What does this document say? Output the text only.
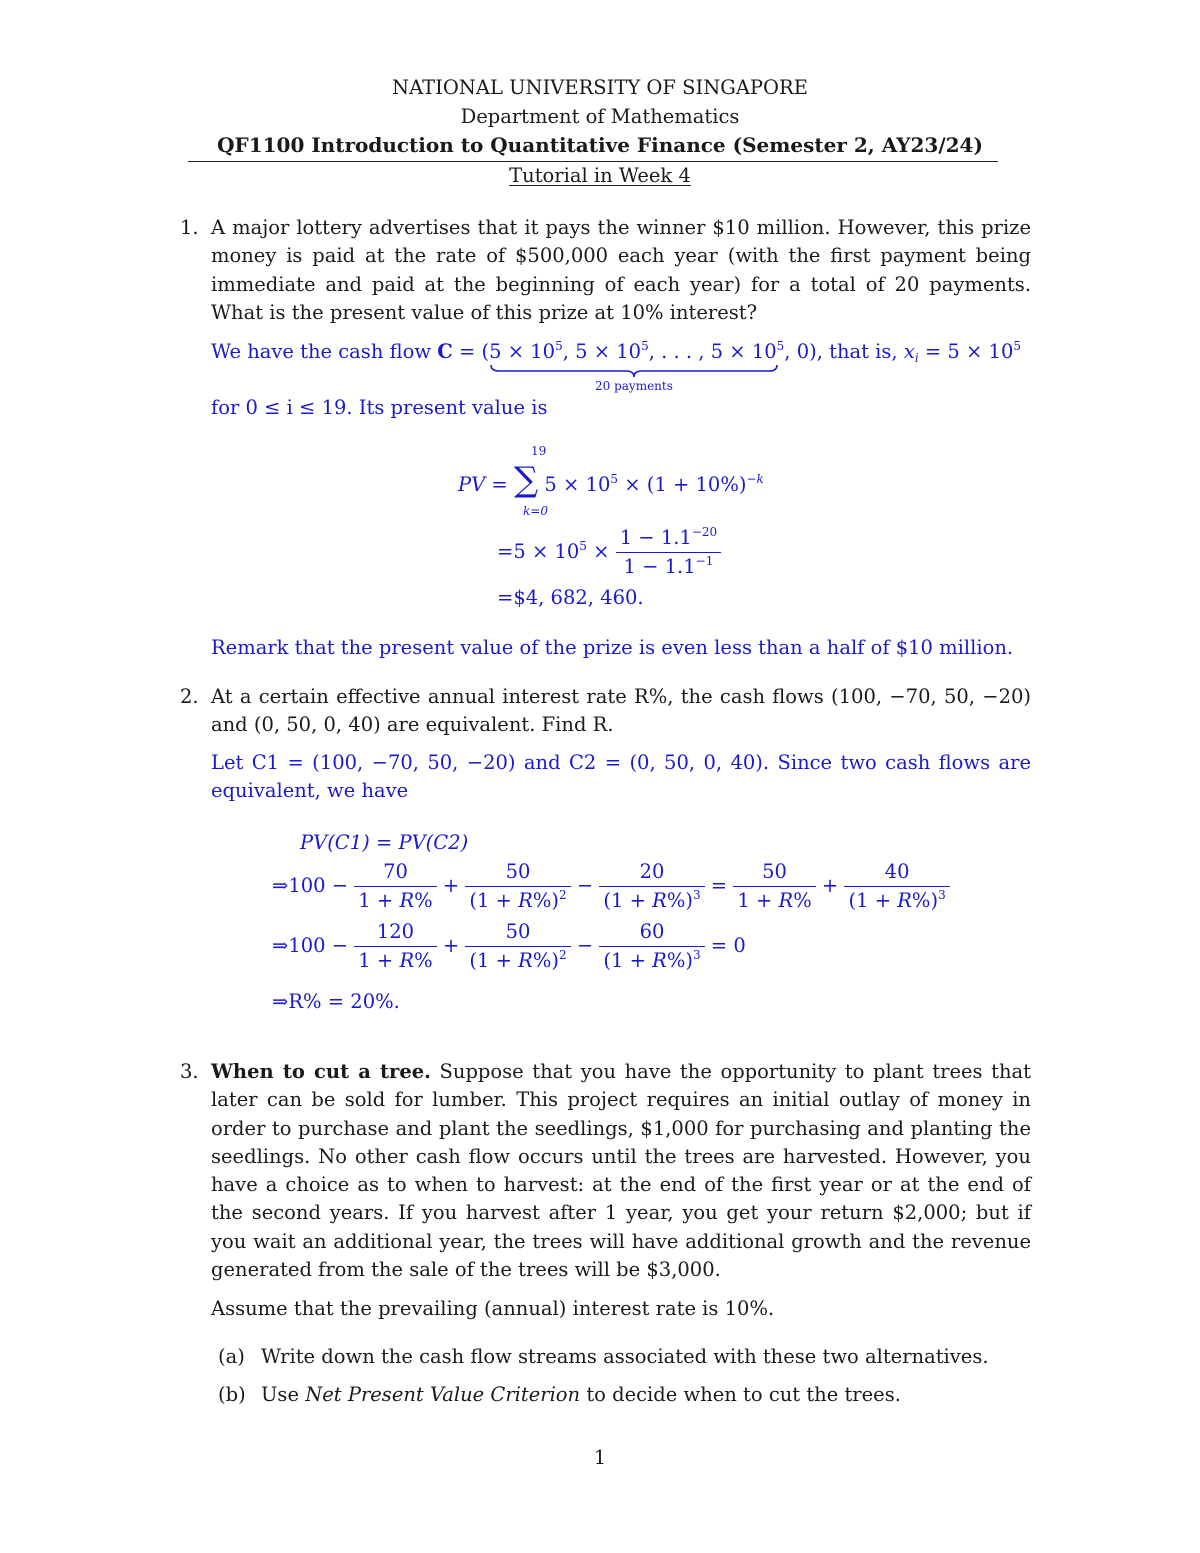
NATIONAL UNIVERSITY OF SINGAPORE
Department of Mathematics
QF1100 Introduction to Quantitative Finance (Semester 2, AY23/24)
Tutorial in Week 4
1. A major lottery advertises that it pays the winner $10 million. However, this prize money is paid at the rate of $500,000 each year (with the first payment being immediate and paid at the beginning of each year) for a total of 20 payments. What is the present value of this prize at 10% interest?
We have the cash flow $C = (5 \times 10^5$, $5 \times 10^5$, . . . , $5 \times 10^5$
, 0), that is, $x_i = 5 \times 10^5$
20 payments
for 0 ≤ i ≤ 19. Its present value is
19
PV = ∑ $5 \times 10^5 \times (1 + 10\%)^{-k}$
k=0
$=5 \times 10^5 \times \frac{1 - 1.1^{-20}}{1 - 1.1^{-1}}$
=$4, 682, 460.
Remark that the present value of the prize is even less than a half of $10 million.
2. At a certain effective annual interest rate R%, the cash flows (100, −70, 50, −20) and (0, 50, 0, 40) are equivalent. Find R.
Let C1 = (100, −70, 50, −20) and C2 = (0, 50, 0, 40). Since two cash flows are equivalent, we have
PV(C1) = PV(C2)
⇒100 − $\frac{70}{1 + R\%} + \frac{50}{(1 + R\%)^2} - \frac{20}{(1 + R\%)^3} = \frac{50}{1 + R\%} + \frac{40}{(1 + R\%)^3}$
⇒100 − $\frac{120}{1 + R\%} + \frac{50}{(1 + R\%)^2} - \frac{60}{(1 + R\%)^3} = 0$
⇒R% = 20%.
3. When to cut a tree. Suppose that you have the opportunity to plant trees that later can be sold for lumber. This project requires an initial outlay of money in order to purchase and plant the seedlings, $1,000 for purchasing and planting the seedlings. No other cash flow occurs until the trees are harvested. However, you have a choice as to when to harvest: at the end of the first year or at the end of the second years. If you harvest after 1 year, you get your return $2,000; but if you wait an additional year, the trees will have additional growth and the revenue generated from the sale of the trees will be $3,000.
Assume that the prevailing (annual) interest rate is 10%.
(a) Write down the cash flow streams associated with these two alternatives.
(b) Use Net Present Value Criterion to decide when to cut the trees.
1
